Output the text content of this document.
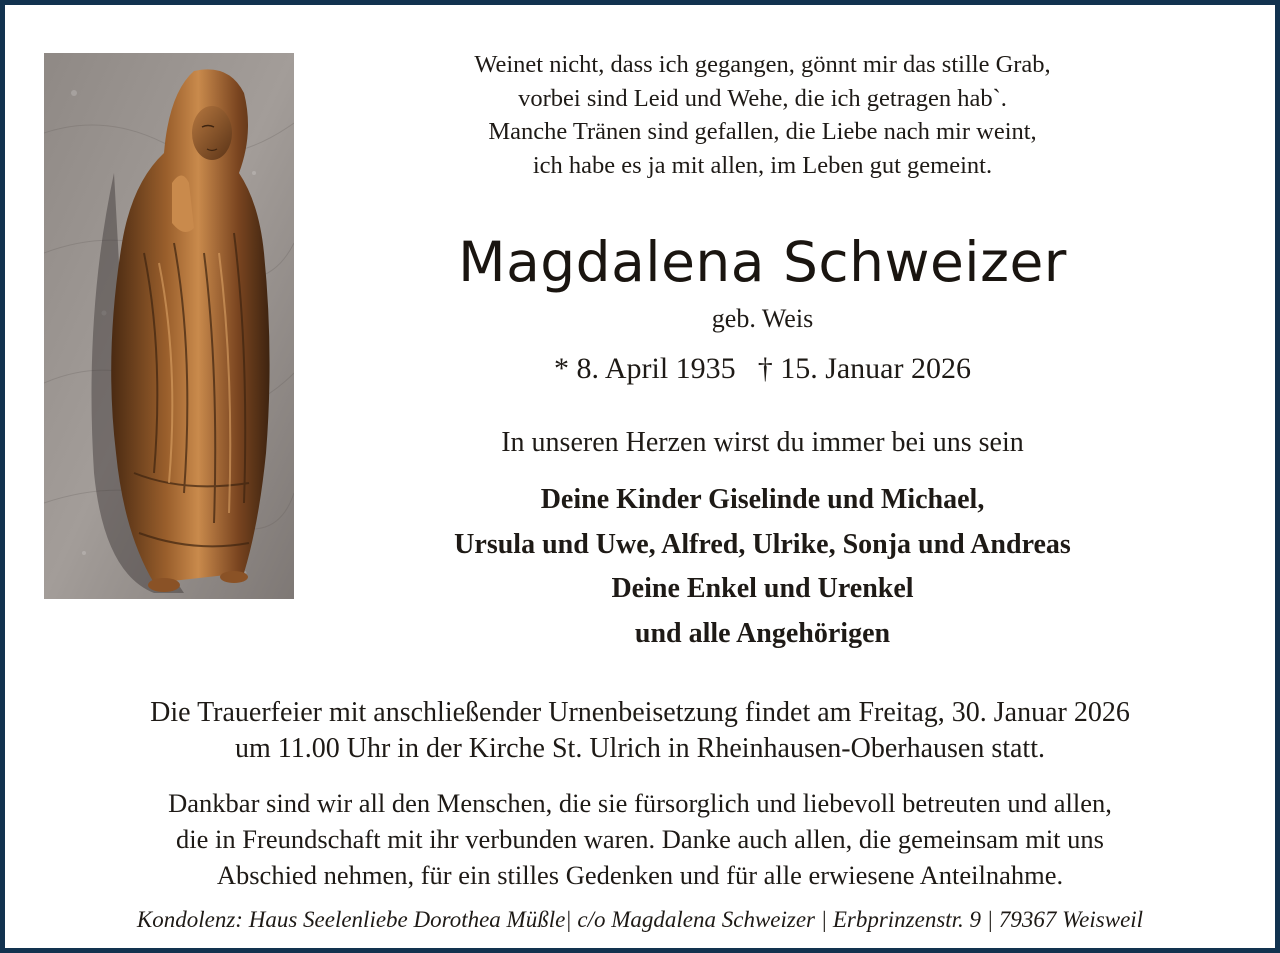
Weinet nicht, dass ich gegangen, gönnt mir das stille Grab,
vorbei sind Leid und Wehe, die ich getragen hab`.
Manche Tränen sind gefallen, die Liebe nach mir weint,
ich habe es ja mit allen, im Leben gut gemeint.
Magdalena Schweizer
geb. Weis
* 8. April 1935 † 15. Januar 2026
In unseren Herzen wirst du immer bei uns sein
Deine Kinder Giselinde und Michael,
Ursula und Uwe, Alfred, Ulrike, Sonja und Andreas
Deine Enkel und Urenkel
und alle Angehörigen
Die Trauerfeier mit anschließender Urnenbeisetzung findet am Freitag, 30. Januar 2026
um 11.00 Uhr in der Kirche St. Ulrich in Rheinhausen-Oberhausen statt.
Dankbar sind wir all den Menschen, die sie fürsorglich und liebevoll betreuten und allen,
die in Freundschaft mit ihr verbunden waren. Danke auch allen, die gemeinsam mit uns
Abschied nehmen, für ein stilles Gedenken und für alle erwiesene Anteilnahme.
Kondolenz: Haus Seelenliebe Dorothea Müßle| c/o Magdalena Schweizer | Erbprinzenstr. 9 | 79367 Weisweil
